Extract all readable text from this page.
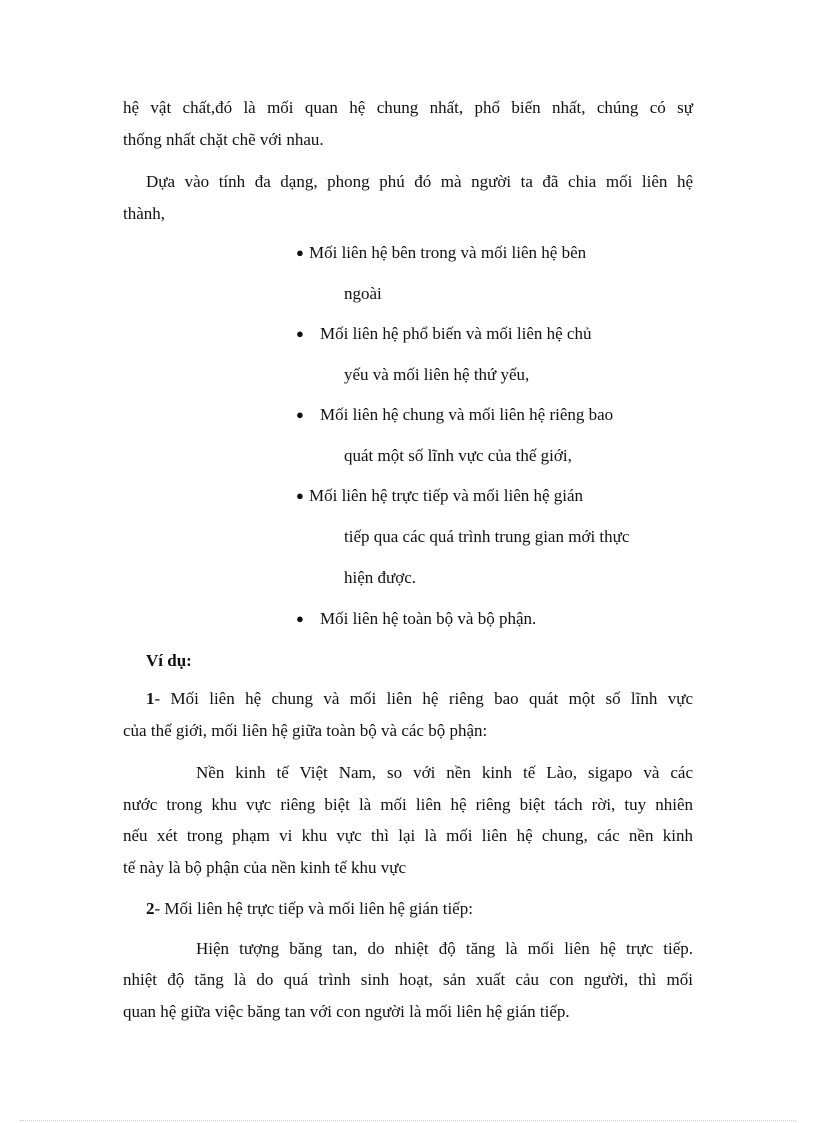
hệ vật chất,đó là mối quan hệ chung nhất, phổ biến nhất, chúng có sự
thống nhất chặt chẽ với nhau.
Dựa vào tính đa dạng, phong phú đó mà người ta đã chia mối liên hệ
thành,
● Mối liên hệ bên trong và mối liên hệ bên
ngoài
● Mối liên hệ phổ biến và mối liên hệ chủ
yếu và mối liên hệ thứ yếu,
● Mối liên hệ chung và mối liên hệ riêng bao
quát một số lĩnh vực của thế giới,
● Mối liên hệ trực tiếp và mối liên hệ gián
tiếp qua các quá trình trung gian mới thực
hiện được.
● Mối liên hệ toàn bộ và bộ phận.
Ví dụ:
1- Mối liên hệ chung và mối liên hệ riêng bao quát một số lĩnh vực
của thế giới, mối liên hệ giữa toàn bộ và các bộ phận:
Nền kinh tế Việt Nam, so với nền kinh tế Lào, sigapo và các
nước trong khu vực riêng biệt là mối liên hệ riêng biệt tách rời, tuy nhiên
nếu xét trong phạm vi khu vực thì lại là mối liên hệ chung, các nền kinh
tế này là bộ phận của nền kinh tế khu vực
2- Mối liên hệ trực tiếp và mối liên hệ gián tiếp:
Hiện tượng băng tan, do nhiệt độ tăng là mối liên hệ trực tiếp.
nhiệt độ tăng là do quá trình sinh hoạt, sản xuất cảu con người, thì mối
quan hệ giữa việc băng tan với con người là mối liên hệ gián tiếp.
